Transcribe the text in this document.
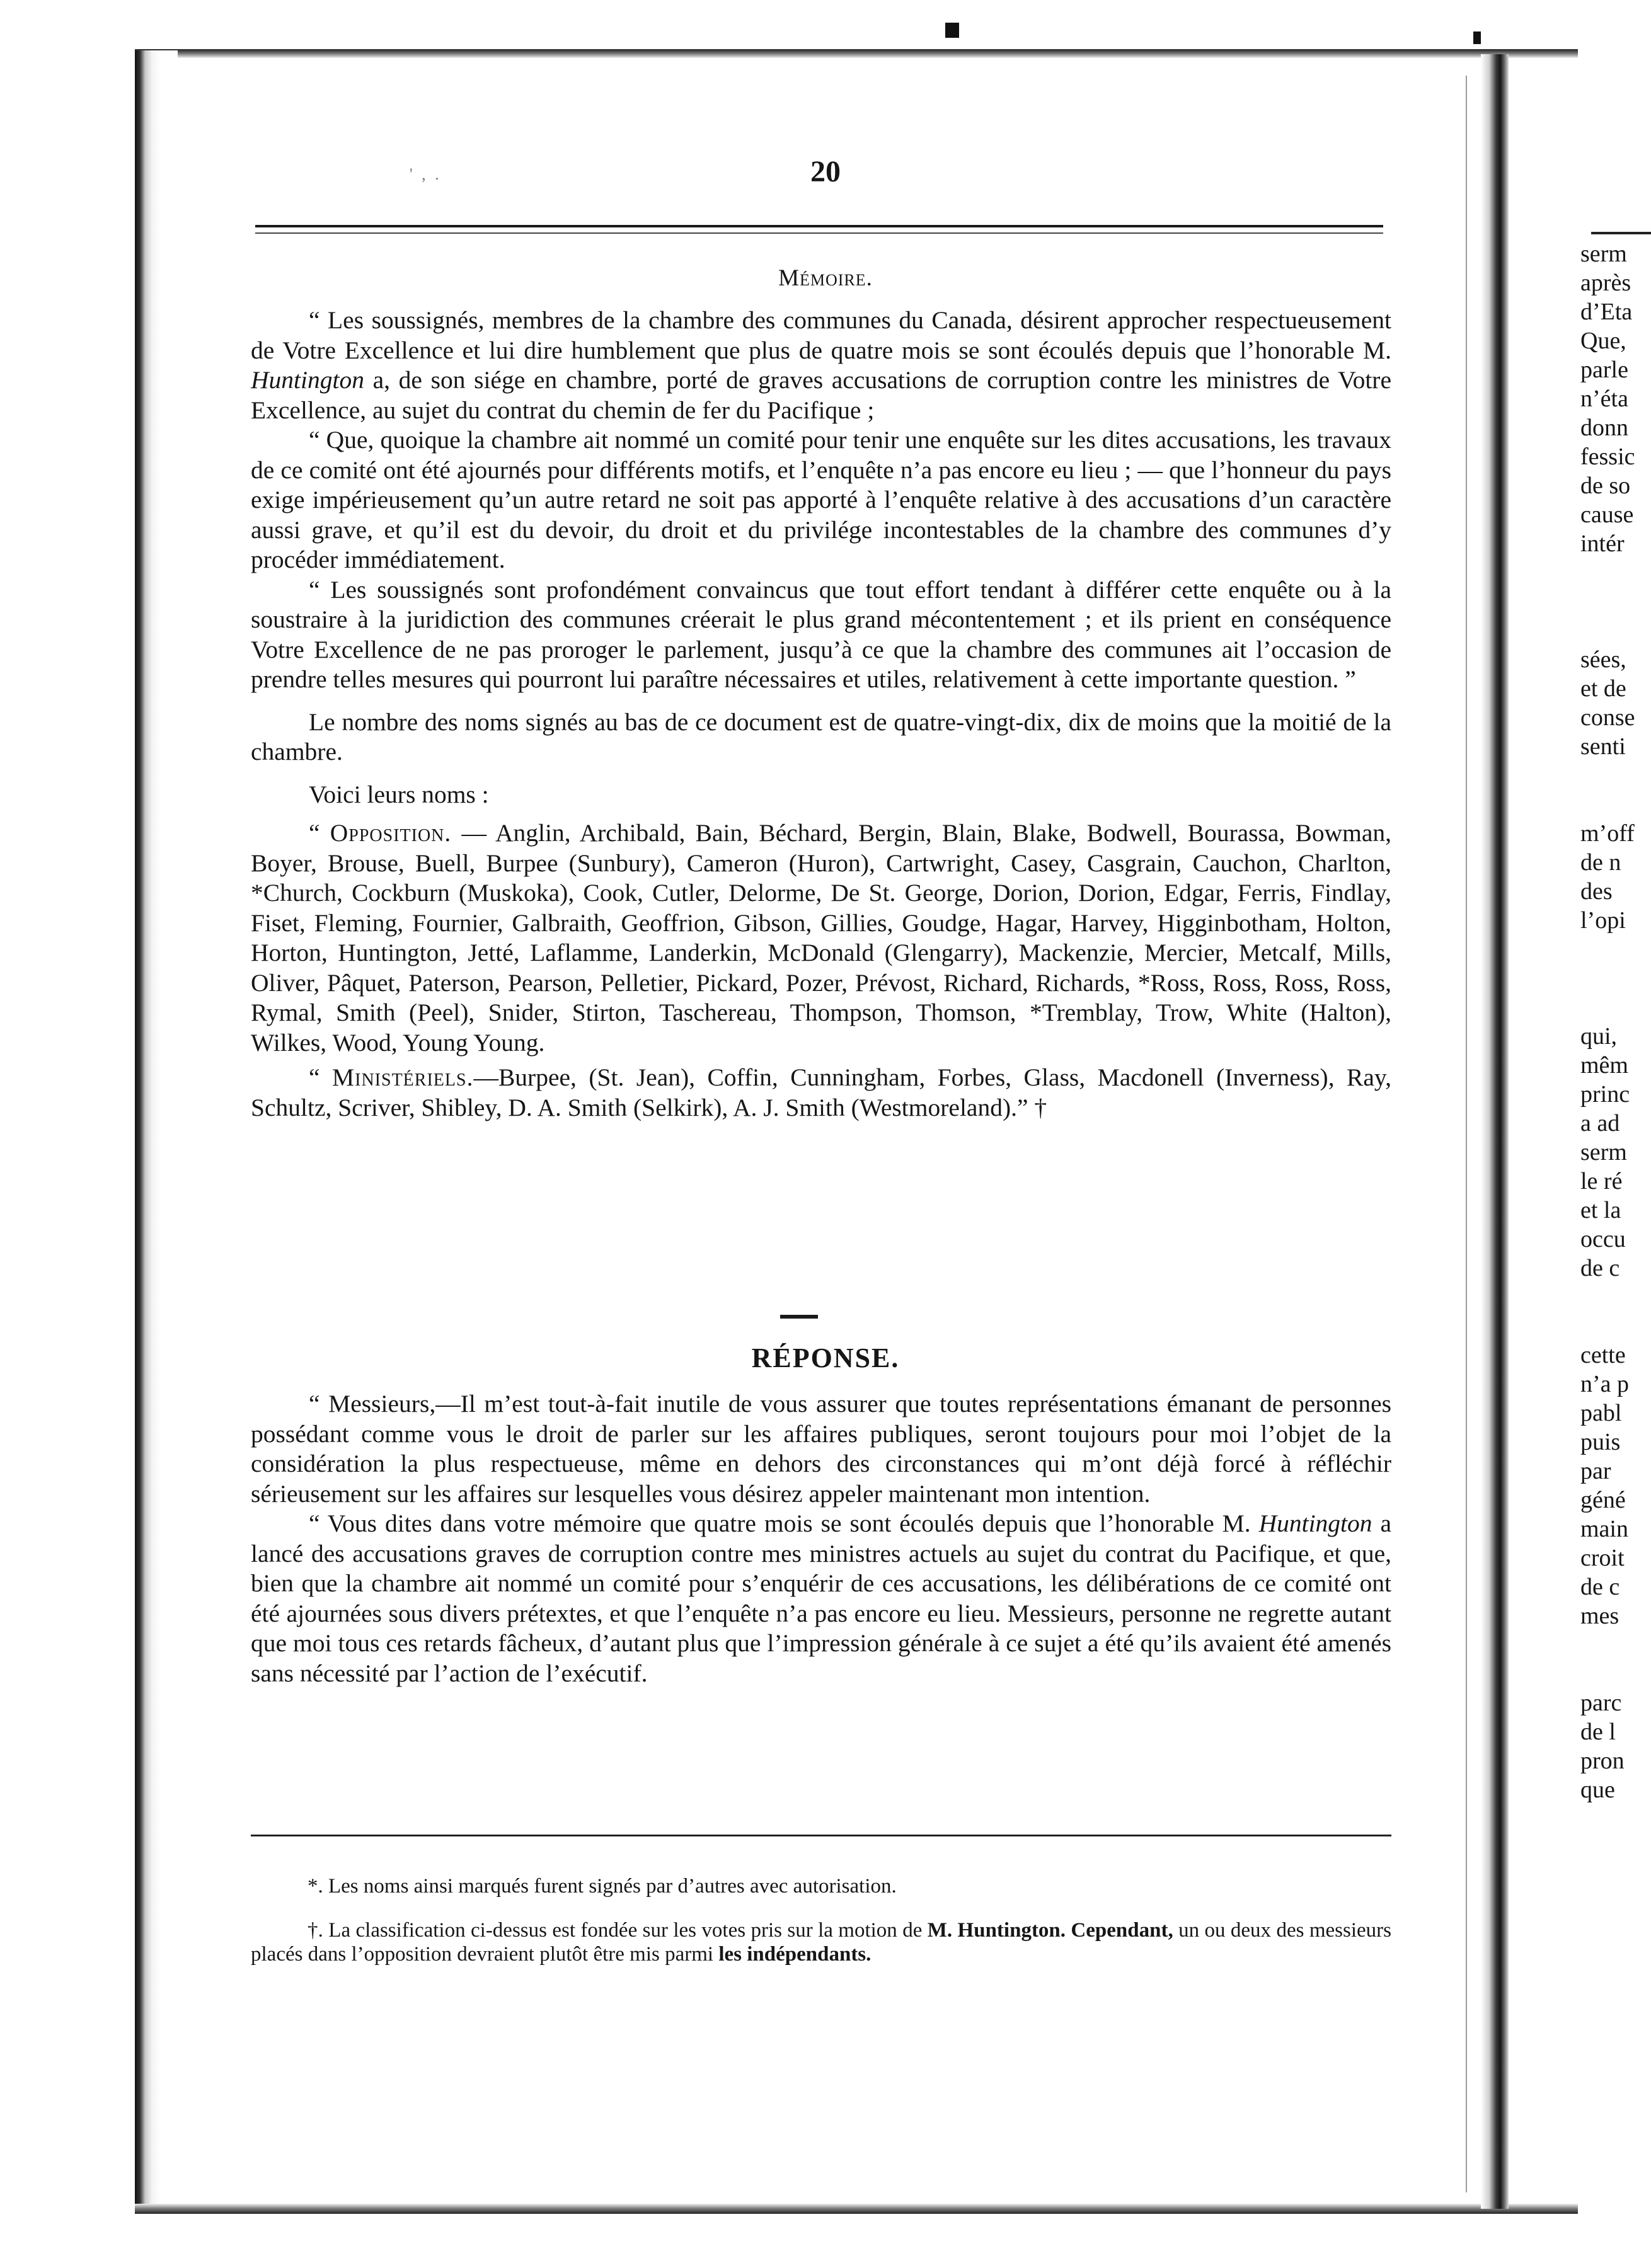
' , .	20
Mémoire.

“ Les soussignés, membres de la chambre des communes du Canada, désirent approcher respectueusement de Votre Excellence et lui dire humblement que plus de quatre mois se sont écoulés depuis que l’honorable M. Huntington a, de son siége en chambre, porté de graves accusations de corruption contre les ministres de Votre Excellence, au sujet du contrat du chemin de fer du Pacifique ;

“ Que, quoique la chambre ait nommé un comité pour tenir une enquête sur les dites accusations, les travaux de ce comité ont été ajournés pour différents motifs, et l’enquête n’a pas encore eu lieu ; — que l’honneur du pays exige impérieusement qu’un autre retard ne soit pas apporté à l’enquête relative à des accusations d’un caractère aussi grave, et qu’il est du devoir, du droit et du privilége incontestables de la chambre des communes d’y procéder immédiatement.

“ Les soussignés sont profondément convaincus que tout effort tendant à différer cette enquête ou à la soustraire à la juridiction des communes créerait le plus grand mécontentement ; et ils prient en conséquence Votre Excellence de ne pas proroger le parlement, jusqu’à ce que la chambre des communes ait l’occasion de prendre telles mesures qui pourront lui paraître nécessaires et utiles, relativement à cette importante question. ”

Le nombre des noms signés au bas de ce document est de quatre-vingt-dix, dix de moins que la moitié de la chambre.

Voici leurs noms :

“ Opposition. — Anglin, Archibald, Bain, Béchard, Bergin, Blain, Blake, Bodwell, Bourassa, Bowman, Boyer, Brouse, Buell, Burpee (Sunbury), Cameron (Huron), Cartwright, Casey, Casgrain, Cauchon, Charlton, *Church, Cockburn (Muskoka), Cook, Cutler, Delorme, De St. George, Dorion, Dorion, Edgar, Ferris, Findlay, Fiset, Fleming, Fournier, Galbraith, Geoffrion, Gibson, Gillies, Goudge, Hagar, Harvey, Higginbotham, Holton, Horton, Huntington, Jetté, Laflamme, Landerkin, McDonald (Glengarry), Mackenzie, Mercier, Metcalf, Mills, Oliver, Pâquet, Paterson, Pearson, Pelletier, Pickard, Pozer, Prévost, Richard, Richards, *Ross, Ross, Ross, Ross, Rymal, Smith (Peel), Snider, Stirton, Taschereau, Thompson, Thomson, *Tremblay, Trow, White (Halton), Wilkes, Wood, Young Young.

“ Ministériels.—Burpee, (St. Jean), Coffin, Cunningham, Forbes, Glass, Macdonell (Inverness), Ray, Schultz, Scriver, Shibley, D. A. Smith (Selkirk), A. J. Smith (Westmoreland).” †

RÉPONSE.

“ Messieurs,—Il m’est tout-à-fait inutile de vous assurer que toutes représentations émanant de personnes possédant comme vous le droit de parler sur les affaires publiques, seront toujours pour moi l’objet de la considération la plus respectueuse, même en dehors des circonstances qui m’ont déjà forcé à réfléchir sérieusement sur les affaires sur lesquelles vous désirez appeler maintenant mon intention.

“ Vous dites dans votre mémoire que quatre mois se sont écoulés depuis que l’honorable M. Huntington a lancé des accusations graves de corruption contre mes ministres actuels au sujet du contrat du Pacifique, et que, bien que la chambre ait nommé un comité pour s’enquérir de ces accusations, les délibérations de ce comité ont été ajournées sous divers prétextes, et que l’enquête n’a pas encore eu lieu. Messieurs, personne ne regrette autant que moi tous ces retards fâcheux, d’autant plus que l’impression générale à ce sujet a été qu’ils avaient été amenés sans nécessité par l’action de l’exécutif.

*. Les noms ainsi marqués furent signés par d’autres avec autorisation.
†. La classification ci-dessus est fondée sur les votes pris sur la motion de M. Huntington. Cependant, un ou deux des messieurs placés dans l’opposition devraient plutôt être mis parmi les indépendants.
serm
après
d’Eta
Que,
parle
n’éta
donn
fessic
de so
cause
intér
sées,
et de
conse
senti
m’off
de n
des
l’opi
qui,
mêm
princ
a ad
serm
le ré
et la
occu
de c
cette
n’a p
pabl
puis
par
géné
main
croit
de c
mes
parc
de l
pron
que
